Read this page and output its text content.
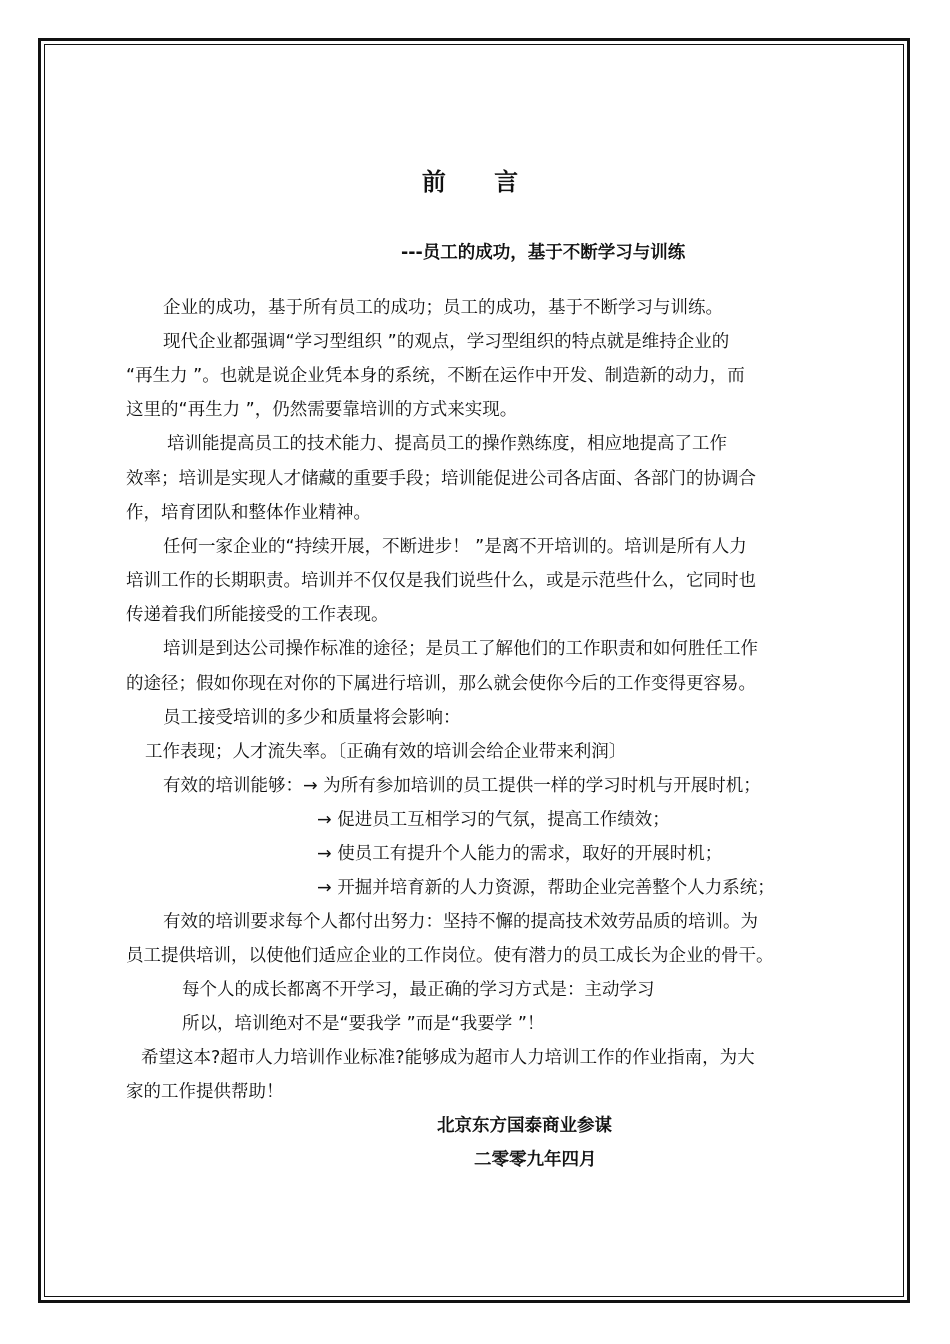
前 言
---员工的成功，基于不断学习与训练
企业的成功，基于所有员工的成功；员工的成功，基于不断学习与训练。
现代企业都强调“学习型组织 ”的观点，学习型组织的特点就是维持企业的
“再生力 ”。也就是说企业凭本身的系统，不断在运作中开发、制造新的动力，而
这里的“再生力 ”，仍然需要靠培训的方式来实现。
培训能提高员工的技术能力、提高员工的操作熟练度，相应地提高了工作
效率；培训是实现人才储藏的重要手段；培训能促进公司各店面、各部门的协调合
作，培育团队和整体作业精神。
任何一家企业的“持续开展，不断进步！ ”是离不开培训的。培训是所有人力
培训工作的长期职责。培训并不仅仅是我们说些什么，或是示范些什么，它同时也
传递着我们所能接受的工作表现。
培训是到达公司操作标准的途径；是员工了解他们的工作职责和如何胜任工作
的途径；假如你现在对你的下属进行培训，那么就会使你今后的工作变得更容易。
员工接受培训的多少和质量将会影响：
工作表现；人才流失率。〔正确有效的培训会给企业带来利润〕
有效的培训能够：→ 为所有参加培训的员工提供一样的学习时机与开展时机；
→ 促进员工互相学习的气氛，提高工作绩效；
→ 使员工有提升个人能力的需求，取好的开展时机；
→ 开掘并培育新的人力资源，帮助企业完善整个人力系统；
有效的培训要求每个人都付出努力：坚持不懈的提高技术效劳品质的培训。为
员工提供培训，以使他们适应企业的工作岗位。使有潜力的员工成长为企业的骨干。
每个人的成长都离不开学习，最正确的学习方式是：主动学习
所以，培训绝对不是“要我学 ”而是“我要学 ”！
希望这本?超市人力培训作业标准?能够成为超市人力培训工作的作业指南，为大
家的工作提供帮助！
北京东方国泰商业参谋
二零零九年四月
